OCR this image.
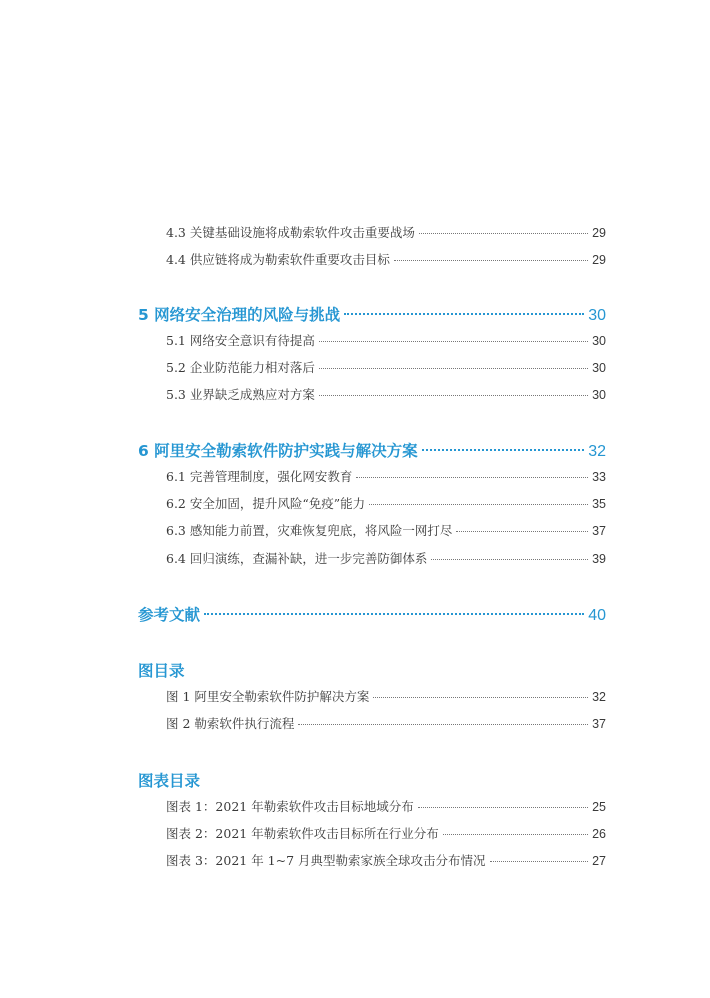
4.3 关键基础设施将成勒索软件攻击重要战场	29
4.4 供应链将成为勒索软件重要攻击目标	29
5 网络安全治理的风险与挑战	30
5.1 网络安全意识有待提高	30
5.2 企业防范能力相对落后	30
5.3 业界缺乏成熟应对方案	30
6 阿里安全勒索软件防护实践与解决方案	32
6.1 完善管理制度，强化网安教育	33
6.2 安全加固，提升风险“免疫”能力	35
6.3 感知能力前置，灾难恢复兜底，将风险一网打尽	37
6.4 回归演练，查漏补缺，进一步完善防御体系	39
参考文献	40
图目录
图 1 阿里安全勒索软件防护解决方案	32
图 2 勒索软件执行流程	37
图表目录
图表 1：2021 年勒索软件攻击目标地域分布	25
图表 2：2021 年勒索软件攻击目标所在行业分布	26
图表 3：2021 年 1~7 月典型勒索家族全球攻击分布情况	27
